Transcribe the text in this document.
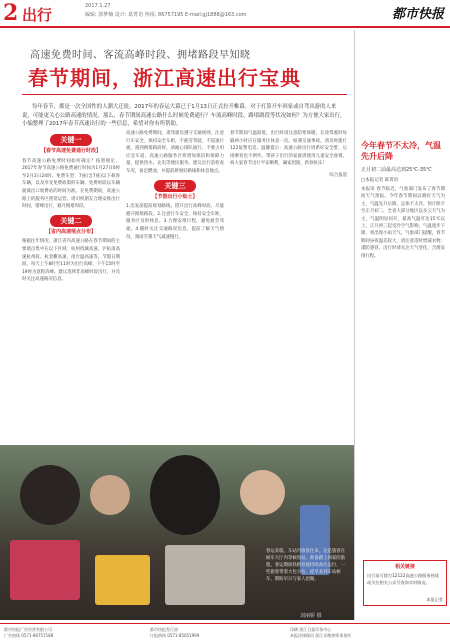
2 出行	2017.1.27
编辑: 郭梦楠 设计: 葛菁语 热线: 86757195 E-mail:gj1888@163.com	都市快报
高速免费时间、客流高峰时段、拥堵路段早知晓
春节期间，浙江高速出行宝典
每年春节，都是一次全国性的人潮大迁徙。2017年的春运大幕已于1月13日正式拉开帷幕。对于打算开车回家或自驾出游的人来说，可能更关心公路高速的情况。那么，春节期间高速公路什么时候免费通行？车流高峰时段、路堵路段等状况如何？为方便大家出行，小编整理了2017年春节高速出行的一些信息，希望对你有所帮助。
关键一
【春节高速免费通行时段】
春节高速公路免费时间如何确定？按照规定，2017年春节高速公路免费通行时间为1月27日0时至2月2日24时。免费车型：7座(含7座)以下载客车辆，以及享受免费政策的车辆。免费时段以车辆驶离出口收费站的时间为准。在免费期间，高速公路上的服务区照常运营。请司机朋友合理安排出行时间，错峰出行，避开拥堵时段。
关键二
【省内高速堵点分布】
根据往年情况，浙江省内高速公路在春节期间的主要堵点集中在以下区域：杭州绕城高速、沪杭甬高速杭州段、杭金衢高速、甬台温高速等。节假日期间，每天上午8时至11时为出行高峰，下午15时至19时为返程高峰。建议选择非高峰时段出行，并及时关注高速路况信息。
高速公路免费期间，请驾驶员遵守交通规则，注意行车安全，保持安全车距，不疲劳驾驶，不超速行驶。遇到拥堵路段时，请耐心排队通行，不要占用应急车道。高速公路服务区将增加保洁和保障力量，提供热水、充电等便民服务。建议出行前检查车况，备足燃油，并提前规划好路线和休息地点。
关键三
【节假出行小贴士】
1.出发前提前规划路线，错开出行高峰时段，尽量避开拥堵路段。2.注意行车安全，保持安全车距，服务区及时休息。3.合理安排行程，避免疲劳驾驶。4.随时关注交通路况信息，提前了解天气情况，遇雨雪雾天气减速慢行。
春节期间气温较低，出行时请注意防寒保暖。长途驾驶时每隔两小时应在服务区休息一次。如遇交通事故，请及时拨打122报警电话。温馨提示：高速公路出行请系好安全带，后排乘客也不例外。带孩子出行的家庭请使用儿童安全座椅。祝大家春节出行平安顺利，阖家团圆，新春快乐！
综合报道
春运来临，车站内旅客往来。这是旅客在候车大厅内等候进站，准备踏上回家的旅程。春运期间铁路客流持续高位运行，一些旅客带着大包小包，提早来到车站候车，期盼早日与家人团聚。
刘丽娇 摄
今年春节不太冷，气温先升后降
正月初二前最高达到25℃-35℃
□本报记者 葛菁语
本报讯 春节临近，气象部门发布了春节期间天气预报。今年春节期间以晴好天气为主，气温先升后降，总体不太冷。预计除夕至正月初二，全省大部分地区以多云天气为主，气温明显回升，最高气温可达15℃以上。正月初三起受冷空气影响，气温逐步下降，将出现小雨天气。气象部门提醒，春节期间昼夜温差较大，请注意适时增减衣物，谨防感冒。出行时请关注天气变化，合理安排行程。
相关链接
出行前可拨打12122高速公路服务热线或关注相关公众号查询实时路况。
本报记者
都市快报广告经营有限公司
广告热线 0571-86757188
都市快报发行部
订报热线 0571-85051999
印刷 浙江日报印务中心
本报法律顾问 浙江京衡律师事务所
